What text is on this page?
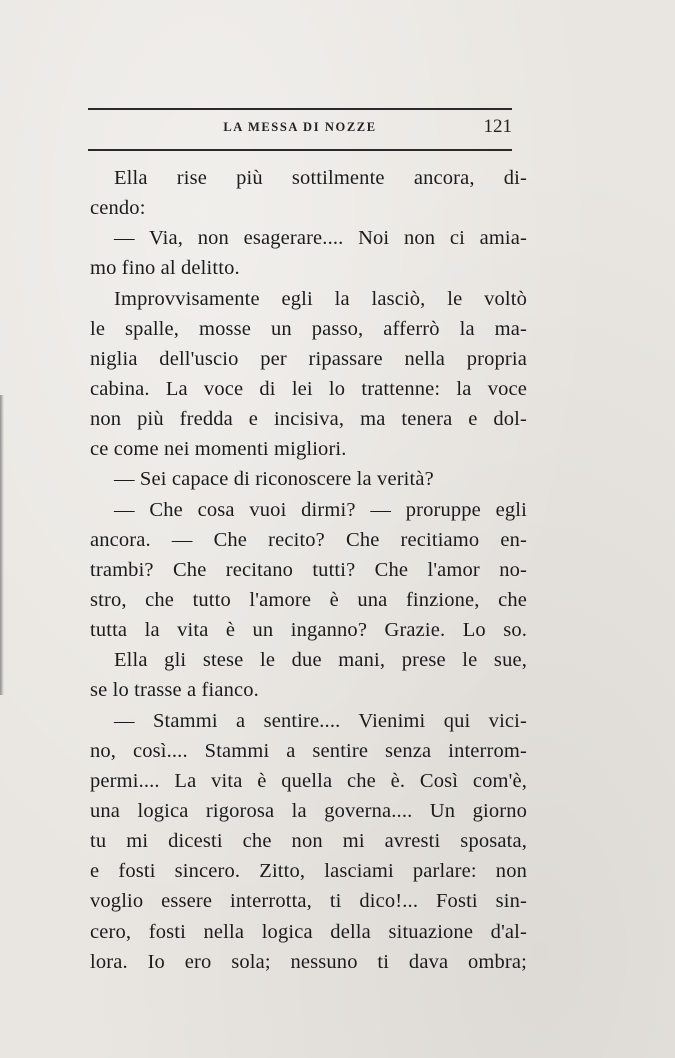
LA MESSA DI NOZZE	121
Ella rise più sottilmente ancora, di-
cendo:
— Via, non esagerare.... Noi non ci amia-
mo fino al delitto.
Improvvisamente egli la lasciò, le voltò
le spalle, mosse un passo, afferrò la ma-
niglia dell'uscio per ripassare nella propria
cabina. La voce di lei lo trattenne: la voce
non più fredda e incisiva, ma tenera e dol-
ce come nei momenti migliori.
— Sei capace di riconoscere la verità?
— Che cosa vuoi dirmi? — proruppe egli
ancora. — Che recito? Che recitiamo en-
trambi? Che recitano tutti? Che l'amor no-
stro, che tutto l'amore è una finzione, che
tutta la vita è un inganno? Grazie. Lo so.
Ella gli stese le due mani, prese le sue,
se lo trasse a fianco.
— Stammi a sentire.... Vienimi qui vici-
no, così.... Stammi a sentire senza interrom-
permi.... La vita è quella che è. Così com'è,
una logica rigorosa la governa.... Un giorno
tu mi dicesti che non mi avresti sposata,
e fosti sincero. Zitto, lasciami parlare: non
voglio essere interrotta, ti dico!... Fosti sin-
cero, fosti nella logica della situazione d'al-
lora. Io ero sola; nessuno ti dava ombra;
